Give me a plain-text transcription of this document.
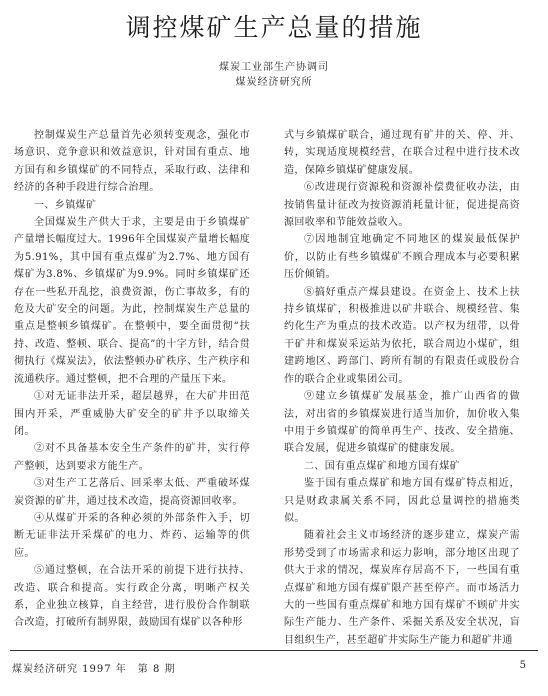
调控煤矿生产总量的措施
煤炭工业部生产协调司
煤炭经济研究所

控制煤炭生产总量首先必须转变观念，强化市场意识、竞争意识和效益意识，针对国有重点、地方国有和乡镇煤矿的不同特点，采取行政、法律和经济的各种手段进行综合治理。

一、乡镇煤矿

全国煤炭生产供大于求，主要是由于乡镇煤矿产量增长幅度过大。1996年全国煤炭产量增长幅度为5.91%，其中国有重点煤矿为2.7%、地方国有煤矿为3.8%、乡镇煤矿为9.9%。同时乡镇煤矿还存在一些私开乱挖，浪费资源，伤亡事故多，有的危及大矿安全的问题。为此，控制煤炭生产总量的重点是整顿乡镇煤矿。在整顿中，要全面贯彻“扶持、改造、整顿、联合、提高”的十字方针，结合贯彻执行《煤炭法》，依法整顿办矿秩序、生产秩序和流通秩序。通过整顿，把不合理的产量压下来。

①对无证非法开采，超层越界，在大矿井田范围内开采，严重威胁大矿安全的矿井予以取缔关闭。

②对不具备基本安全生产条件的矿井，实行停产整顿，达到要求方能生产。

③对生产工艺落后、回采率太低、严重破坏煤炭资源的矿井，通过技术改造，提高资源回收率。

④从煤矿开采的各种必须的外部条件入手，切断无证非法开采煤矿的电力、炸药、运输等的供应。

⑤通过整顿，在合法开采的前提下进行扶持、改造、联合和提高。实行政企分离，明晰产权关系，企业独立核算，自主经营，进行股份合作制联合改造，打破所有制界限，鼓励国有煤矿以各种形

式与乡镇煤矿联合，通过现有矿井的关、停、并、转，实现适度规模经营，在联合过程中进行技术改造，保障乡镇煤矿健康发展。

⑥改进现行资源税和资源补偿费征收办法，由按销售量计征改为按资源消耗量计征，促进提高资源回收率和节能效益收入。

⑦因地制宜地确定不同地区的煤炭最低保护价，以防止有些乡镇煤矿不顾合理成本与必要积累压价倾销。

⑧搞好重点产煤县建设。在资金上、技术上扶持乡镇煤矿，积极推进以矿井联合、规模经营、集约化生产为重点的技术改造。以产权为纽带，以骨干矿井和煤炭采运站为依托，联合周边小煤矿，组建跨地区、跨部门、跨所有制的有限责任或股份合作的联合企业或集团公司。

⑨建立乡镇煤矿发展基金，推广山西省的做法，对出省的乡镇煤炭进行适当加价，加价收入集中用于乡镇煤矿的简单再生产、技改、安全措施、联合发展，促进乡镇煤矿的健康发展。

二、国有重点煤矿和地方国有煤矿

鉴于国有重点煤矿和地方国有煤矿特点相近，只是财政隶属关系不同，因此总量调控的措施类似。

随着社会主义市场经济的逐步建立，煤炭产需形势受到了市场需求和运力影响，部分地区出现了供大于求的情况，煤炭库存居高不下，一些国有重点煤矿和地方国有煤矿限产甚至停产。而市场活力大的一些国有重点煤矿和地方国有煤矿不顾矿井实际生产能力、生产条件、采掘关系及安全状况，盲目组织生产，甚至超矿井实际生产能力和超矿井通

煤炭经济研究 1997 年　第 8 期	5
